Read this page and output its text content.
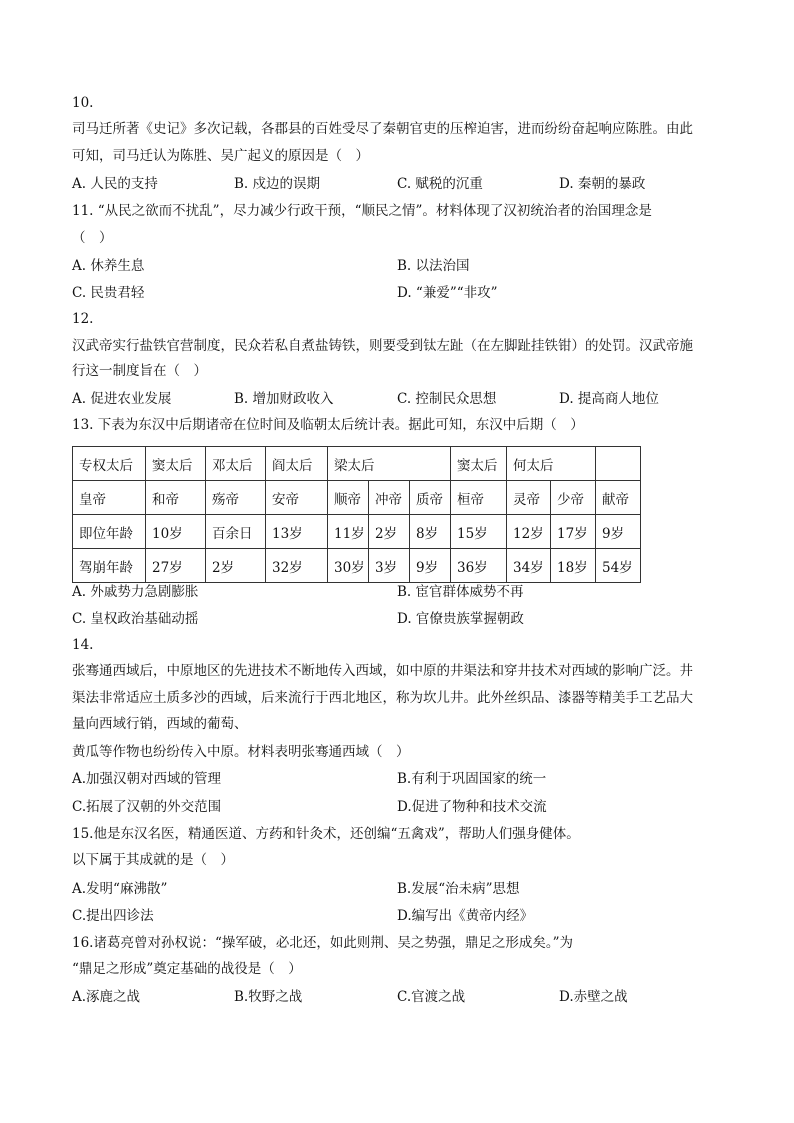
10.
司马迁所著《史记》多次记载，各郡县的百姓受尽了秦朝官吏的压榨迫害，进而纷纷奋起响应陈胜。由此
可知，司马迁认为陈胜、吴广起义的原因是（　）
A. 人民的支持	B. 戍边的误期	C. 赋税的沉重	D. 秦朝的暴政
11. “从民之欲而不扰乱”，尽力减少行政干预，“顺民之情”。材料体现了汉初统治者的治国理念是
（　）
A. 休养生息	B. 以法治国
C. 民贵君轻	D. “兼爱”“非攻”
12.
汉武帝实行盐铁官营制度，民众若私自煮盐铸铁，则要受到钛左趾（在左脚趾挂铁钳）的处罚。汉武帝施
行这一制度旨在（　）
A. 促进农业发展	B. 增加财政收入	C. 控制民众思想	D. 提高商人地位
13. 下表为东汉中后期诸帝在位时间及临朝太后统计表。据此可知，东汉中后期（　）
专权太后	窦太后	邓太后	阎太后	梁太后			窦太后	何太后		
皇帝	和帝	殇帝	安帝	顺帝	冲帝	质帝	桓帝	灵帝	少帝	献帝
即位年龄	10岁	百余日	13岁	11岁	2岁	8岁	15岁	12岁	17岁	9岁
驾崩年龄	27岁	2岁	32岁	30岁	3岁	9岁	36岁	34岁	18岁	54岁
A. 外戚势力急剧膨胀	B. 宦官群体威势不再
C. 皇权政治基础动摇	D. 官僚贵族掌握朝政
14.
张骞通西域后，中原地区的先进技术不断地传入西域，如中原的井渠法和穿井技术对西域的影响广泛。井
渠法非常适应土质多沙的西域，后来流行于西北地区，称为坎儿井。此外丝织品、漆器等精美手工艺品大
量向西域行销，西域的葡萄、
黄瓜等作物也纷纷传入中原。材料表明张骞通西域（　）
A.加强汉朝对西域的管理	B.有利于巩固国家的统一
C.拓展了汉朝的外交范围	D.促进了物种和技术交流
15.他是东汉名医，精通医道、方药和针灸术，还创编“五禽戏”，帮助人们强身健体。
以下属于其成就的是（　）
A.发明“麻沸散”	B.发展“治未病”思想
C.提出四诊法	D.编写出《黄帝内经》
16.诸葛亮曾对孙权说：“操军破，必北还，如此则荆、吴之势强，鼎足之形成矣。”为
“鼎足之形成”奠定基础的战役是（　）
A.涿鹿之战	B.牧野之战	C.官渡之战	D.赤壁之战
